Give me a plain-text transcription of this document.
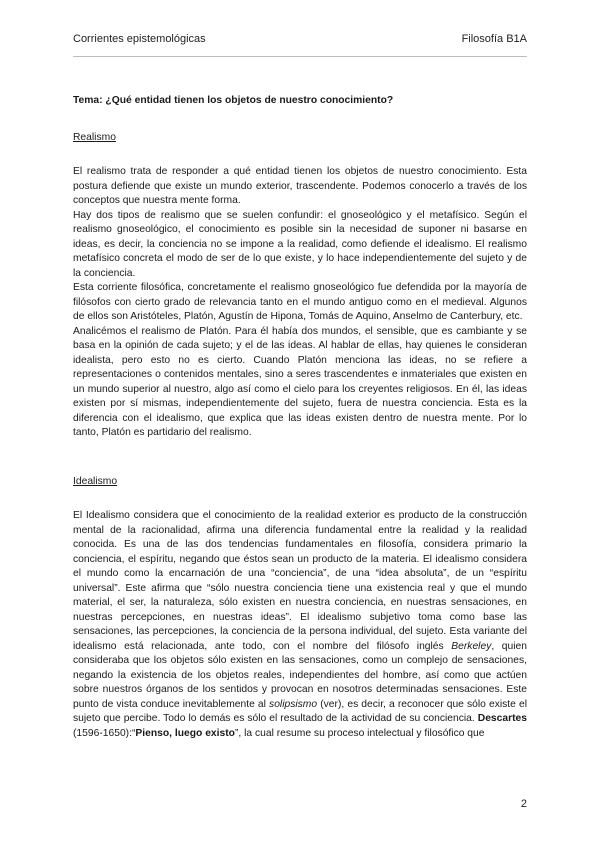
Corrientes epistemológicas	Filosofía B1A
Tema: ¿Qué entidad tienen los objetos de nuestro conocimiento?
Realismo

El realismo trata de responder a qué entidad tienen los objetos de nuestro conocimiento. Esta postura defiende que existe un mundo exterior, trascendente. Podemos conocerlo a través de los conceptos que nuestra mente forma.

Hay dos tipos de realismo que se suelen confundir: el gnoseológico y el metafísico. Según el realismo gnoseológico, el conocimiento es posible sin la necesidad de suponer ni basarse en ideas, es decir, la conciencia no se impone a la realidad, como defiende el idealismo. El realismo metafísico concreta el modo de ser de lo que existe, y lo hace independientemente del sujeto y de la conciencia.

Esta corriente filosófica, concretamente el realismo gnoseológico fue defendida por la mayoría de filósofos con cierto grado de relevancia tanto en el mundo antiguo como en el medieval. Algunos de ellos son Aristóteles, Platón, Agustín de Hipona, Tomás de Aquino, Anselmo de Canterbury, etc.

Analicémos el realismo de Platón. Para él había dos mundos, el sensible, que es cambiante y se basa en la opinión de cada sujeto; y el de las ideas. Al hablar de ellas, hay quienes le consideran idealista, pero esto no es cierto. Cuando Platón menciona las ideas, no se refiere a representaciones o contenidos mentales, sino a seres trascendentes e inmateriales que existen en un mundo superior al nuestro, algo así como el cielo para los creyentes religiosos. En él, las ideas existen por sí mismas, independientemente del sujeto, fuera de nuestra conciencia. Esta es la diferencia con el idealismo, que explica que las ideas existen dentro de nuestra mente. Por lo tanto, Platón es partidario del realismo.

Idealismo

El Idealismo considera que el conocimiento de la realidad exterior es producto de la construcción mental de la racionalidad, afirma una diferencia fundamental entre la realidad y la realidad conocida. Es una de las dos tendencias fundamentales en filosofía, considera primario la conciencia, el espíritu, negando que éstos sean un producto de la materia. El idealismo considera el mundo como la encarnación de una “conciencia”, de una “idea absoluta”, de un “espíritu universal”. Este afirma que “sólo nuestra conciencia tiene una existencia real y que el mundo material, el ser, la naturaleza, sólo existen en nuestra conciencia, en nuestras sensaciones, en nuestras percepciones, en nuestras ideas”. El idealismo subjetivo toma como base las sensaciones, las percepciones, la conciencia de la persona individual, del sujeto. Esta variante del idealismo está relacionada, ante todo, con el nombre del filósofo inglés Berkeley, quien consideraba que los objetos sólo existen en las sensaciones, como un complejo de sensaciones, negando la existencia de los objetos reales, independientes del hombre, así como que actúen sobre nuestros órganos de los sentidos y provocan en nosotros determinadas sensaciones. Este punto de vista conduce inevitablemente al solipsismo (ver), es decir, a reconocer que sólo existe el sujeto que percibe. Todo lo demás es sólo el resultado de la actividad de su conciencia. Descartes (1596-1650):“Pienso, luego existo”, la cual resume su proceso intelectual y filosófico que

2
